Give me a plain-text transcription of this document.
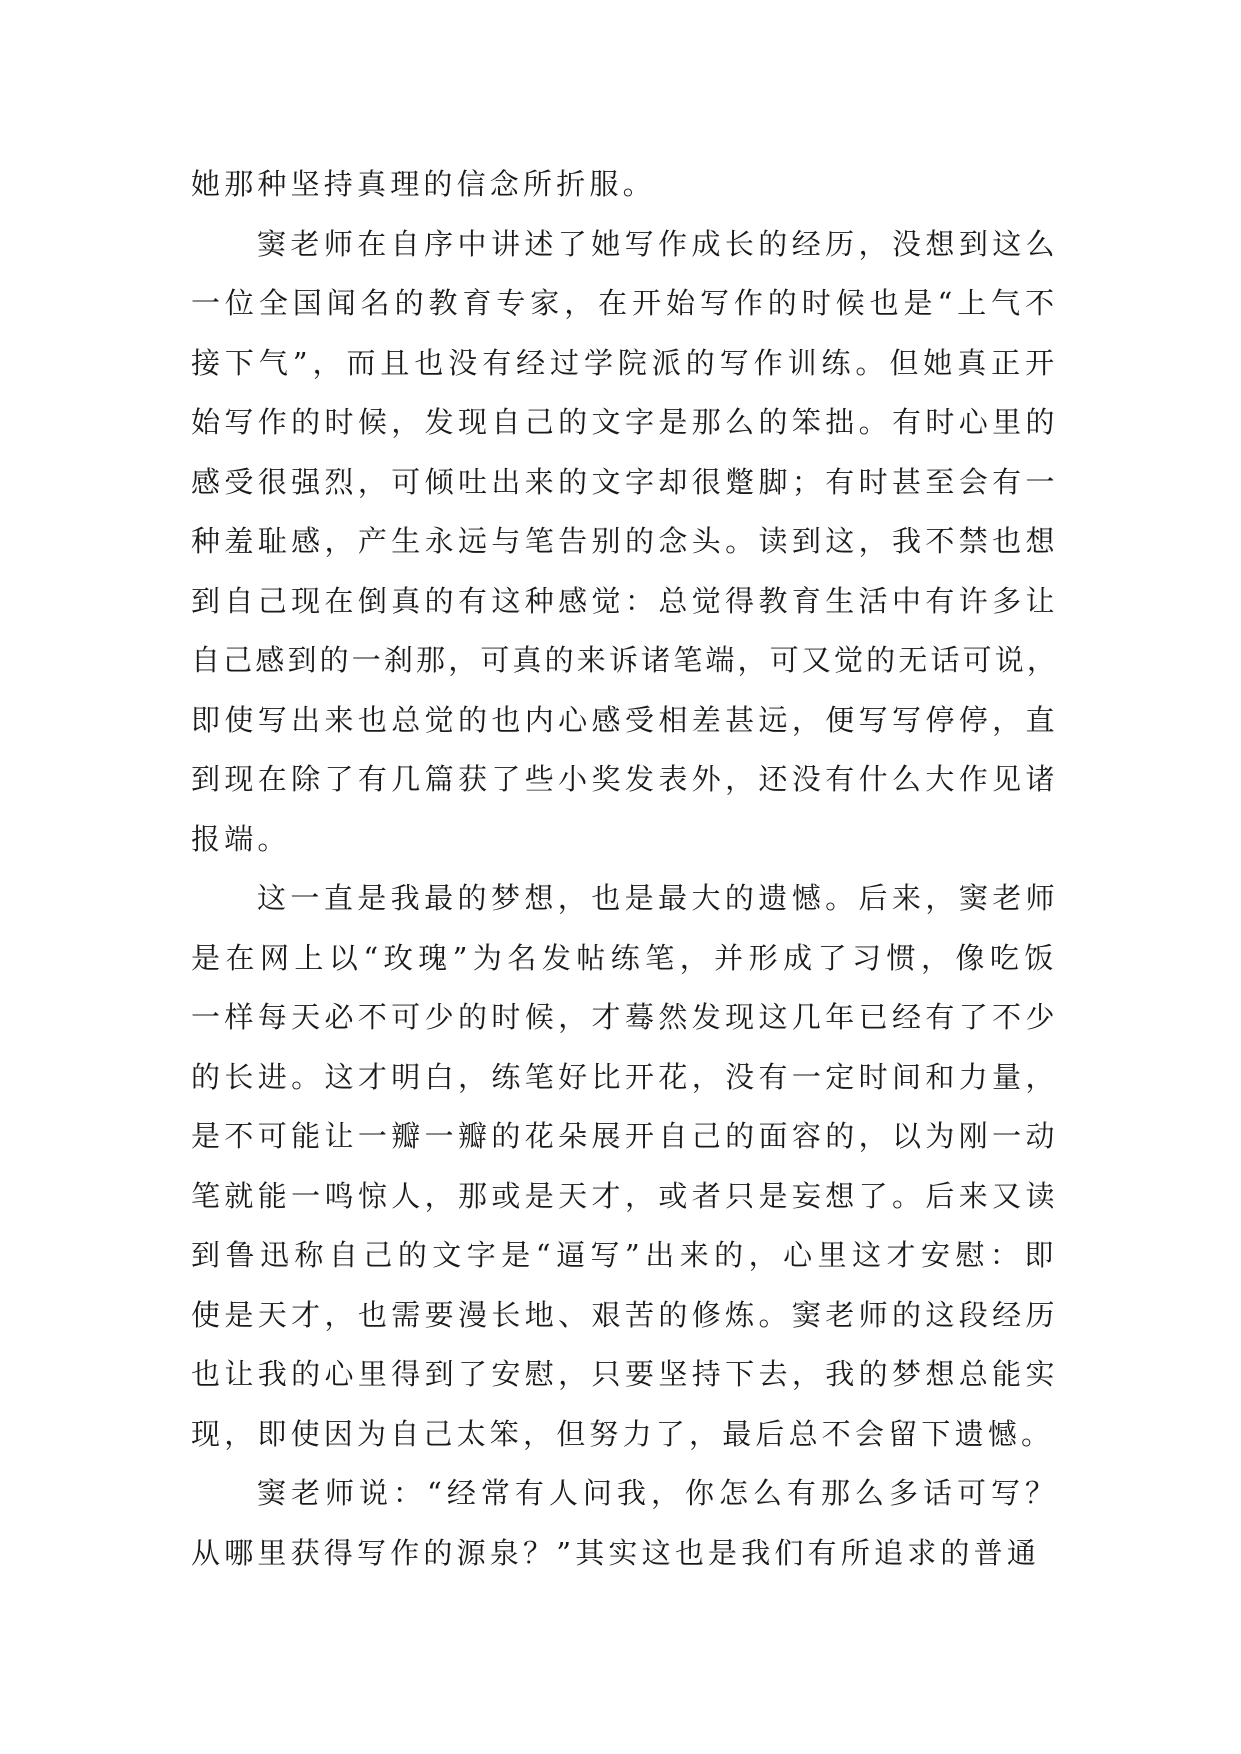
她那种坚持真理的信念所折服。
窦老师在自序中讲述了她写作成长的经历，没想到这么
一位全国闻名的教育专家，在开始写作的时候也是“上气不
接下气”，而且也没有经过学院派的写作训练。但她真正开
始写作的时候，发现自己的文字是那么的笨拙。有时心里的
感受很强烈，可倾吐出来的文字却很蹩脚；有时甚至会有一
种羞耻感，产生永远与笔告别的念头。读到这，我不禁也想
到自己现在倒真的有这种感觉：总觉得教育生活中有许多让
自己感到的一刹那，可真的来诉诸笔端，可又觉的无话可说，
即使写出来也总觉的也内心感受相差甚远，便写写停停，直
到现在除了有几篇获了些小奖发表外，还没有什么大作见诸
报端。
这一直是我最的梦想，也是最大的遗憾。后来，窦老师
是在网上以“玫瑰”为名发帖练笔，并形成了习惯，像吃饭
一样每天必不可少的时候，才蓦然发现这几年已经有了不少
的长进。这才明白，练笔好比开花，没有一定时间和力量，
是不可能让一瓣一瓣的花朵展开自己的面容的，以为刚一动
笔就能一鸣惊人，那或是天才，或者只是妄想了。后来又读
到鲁迅称自己的文字是“逼写”出来的，心里这才安慰：即
使是天才，也需要漫长地、艰苦的修炼。窦老师的这段经历
也让我的心里得到了安慰，只要坚持下去，我的梦想总能实
现，即使因为自己太笨，但努力了，最后总不会留下遗憾。
窦老师说：“经常有人问我，你怎么有那么多话可写？
从哪里获得写作的源泉？”其实这也是我们有所追求的普通
